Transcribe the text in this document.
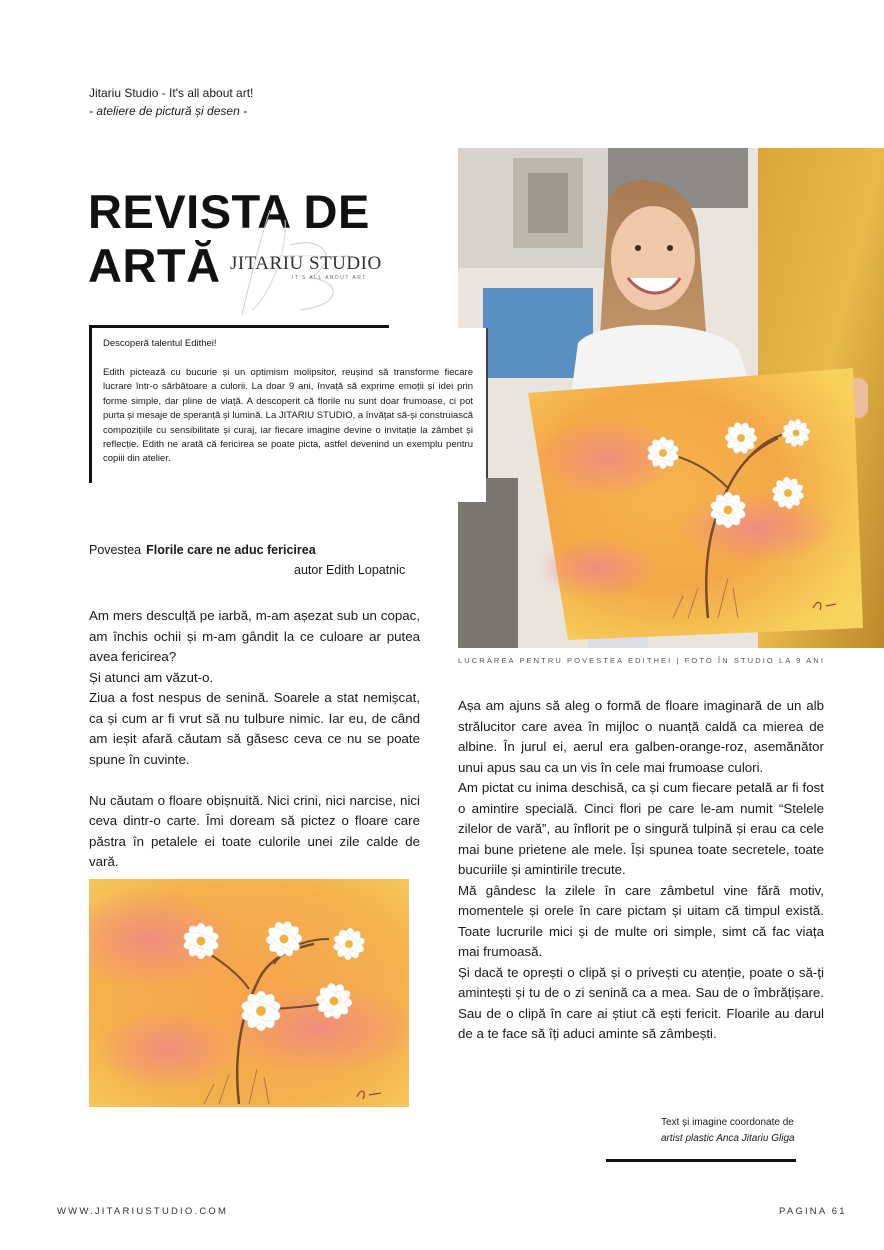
Jitariu Studio - It's all about art!
- ateliere de pictură și desen -
REVISTA DE
ARTĂ JITARIU STUDIO
IT'S ALL ABOUT ART
LUCRAREA PENTRU POVESTEA EDITHEI | FOTO ÎN STUDIO LA 9 ANI
Descoperă talentul Edithei!
Edith pictează cu bucurie și un optimism molipsitor, reușind să transforme fiecare lucrare într-o sărbătoare a culorii. La doar 9 ani, învață să exprime emoții și idei prin forme simple, dar pline de viață. A descoperit că florile nu sunt doar frumoase, ci pot purta și mesaje de speranță și lumină. La JITARIU STUDIO, a învățat să-și construiască compozițiile cu sensibilitate și curaj, iar fiecare imagine devine o invitație la zâmbet și reflecție. Edith ne arată că fericirea se poate picta, astfel devenind un exemplu pentru copiii din atelier.
Povestea Florile care ne aduc fericirea
autor Edith Lopatnic

Am mers desculță pe iarbă, m-am așezat sub un copac, am închis ochii și m-am gândit la ce culoare ar putea avea fericirea?

Și atunci am văzut-o.

Ziua a fost nespus de senină. Soarele a stat nemișcat, ca și cum ar fi vrut să nu tulbure nimic. Iar eu, de când am ieșit afară căutam să găsesc ceva ce nu se poate spune în cuvinte.

Nu căutam o floare obișnuită. Nici crini, nici narcise, nici ceva dintr-o carte. Îmi doream să pictez o floare care păstra în petalele ei toate culorile unei zile calde de vară.

Așa am ajuns să aleg o formă de floare imaginară de un alb strălucitor care avea în mijloc o nuanță caldă ca mierea de albine. În jurul ei, aerul era galben-orange-roz, asemănător unui apus sau ca un vis în cele mai frumoase culori.

Am pictat cu inima deschisă, ca și cum fiecare petală ar fi fost o amintire specială. Cinci flori pe care le-am numit “Stelele zilelor de vară”, au înflorit pe o singură tulpină și erau ca cele mai bune prietene ale mele. Își spunea toate secretele, toate bucuriile și amintirile trecute.

Mă gândesc la zilele în care zâmbetul vine fără motiv, momentele și orele în care pictam și uitam că timpul există. Toate lucrurile mici și de multe ori simple, simt că fac viața mai frumoasă.

Și dacă te oprești o clipă și o privești cu atenție, poate o să-ți amintești și tu de o zi senină ca a mea. Sau de o îmbrățișare. Sau de o clipă în care ai știut că ești fericit. Floarile au darul de a te face să îți aduci aminte să zâmbești.

Text și imagine coordonate de
artist plastic Anca Jitariu Gligа
WWW.JITARIUSTUDIO.COM	PAGINA 61
